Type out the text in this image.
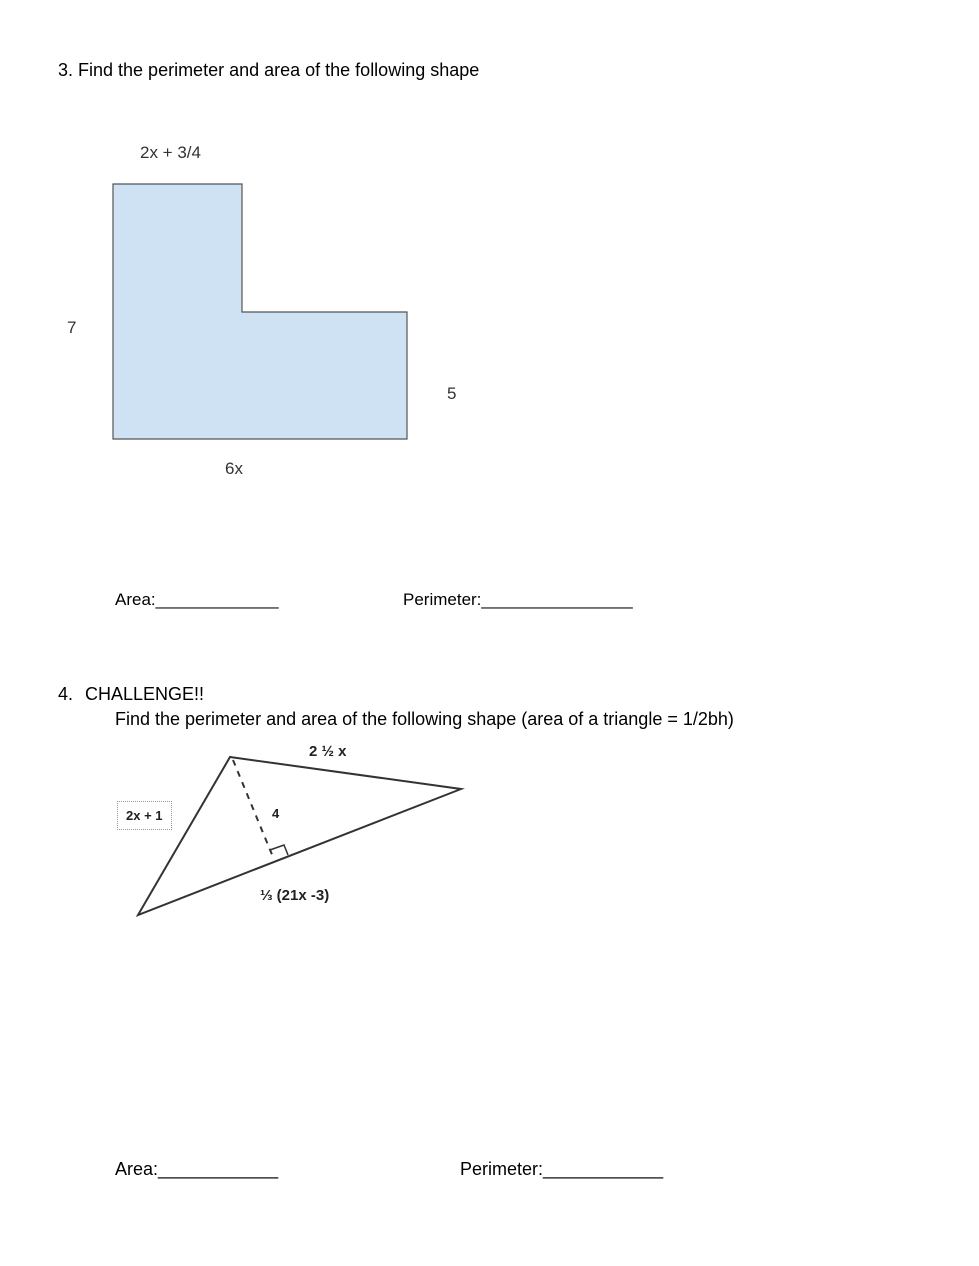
3. Find the perimeter and area of the following shape
2x + 3/4
7
5
6x
Area:_____________	Perimeter:________________
4. CHALLENGE!!
Find the perimeter and area of the following shape (area of a triangle = 1/2bh)
2 ½ x
2x + 1	4
⅓ (21x -3)
Area:____________	Perimeter:____________
